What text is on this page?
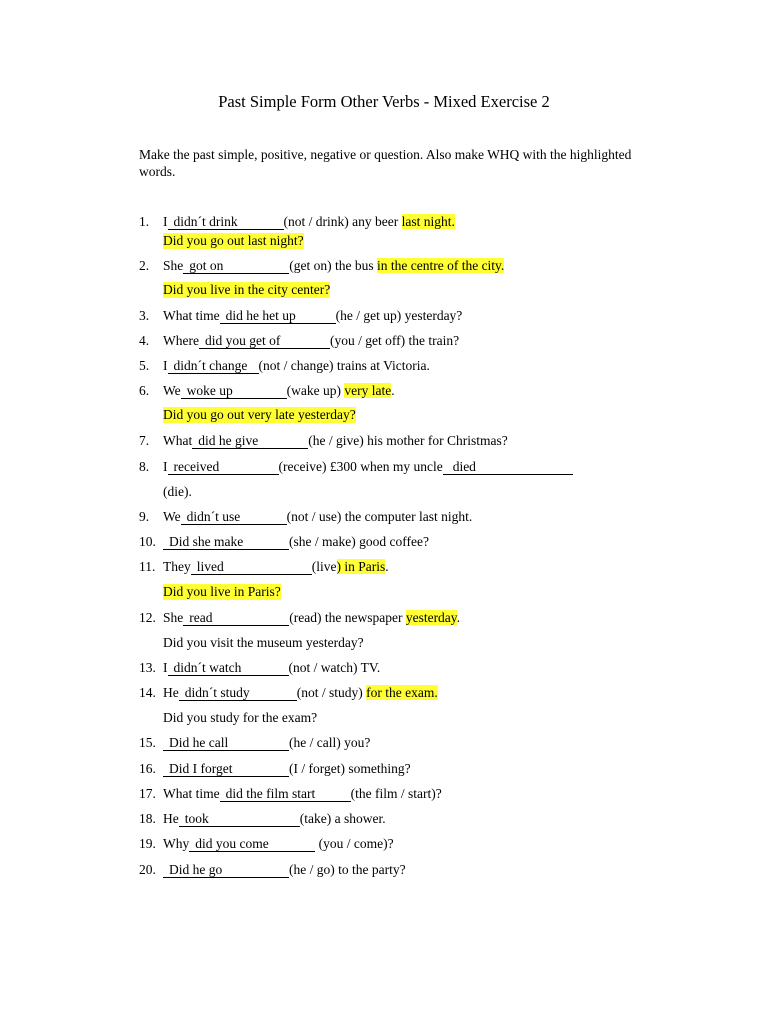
Past Simple Form Other Verbs - Mixed Exercise 2
Make the past simple, positive, negative or question. Also make WHQ with the highlighted words.
1. I didn´t drink	(not / drink) any beer last night.
2. She got on	(get on) the bus in the centre of the city.
3. What time did he het up	(he / get up) yesterday?
4. Where did you get of	(you / get off) the train?
5. I didn´t change (not / change) trains at Victoria.
6. We woke up	(wake up) very late.
7. What did he give	(he / give) his mother for Christmas?
8. I received	(receive) £300 when my uncle died
9. We didn´t use	(not / use) the computer last night.
10. Did she make	(she / make) good coffee?
11. They lived	(live) in Paris.
12. She read	(read) the newspaper yesterday.
13. I didn´t watch	(not / watch) TV.
14. He didn´t study	(not / study) for the exam.
15. Did he call	(he / call) you?
16. Did I forget	(I / forget) something?
17. What time did the film start	(the film / start)?
18. He took	(take) a shower.
19. Why did you come	(you / come)?
20. Did he go	(he / go) to the party?
Did you go out last night?
Did you live in the city center?
Did you go out very late yesterday?
(die).
Did you live in Paris?
Did you visit the museum yesterday?
Did you study for the exam?
